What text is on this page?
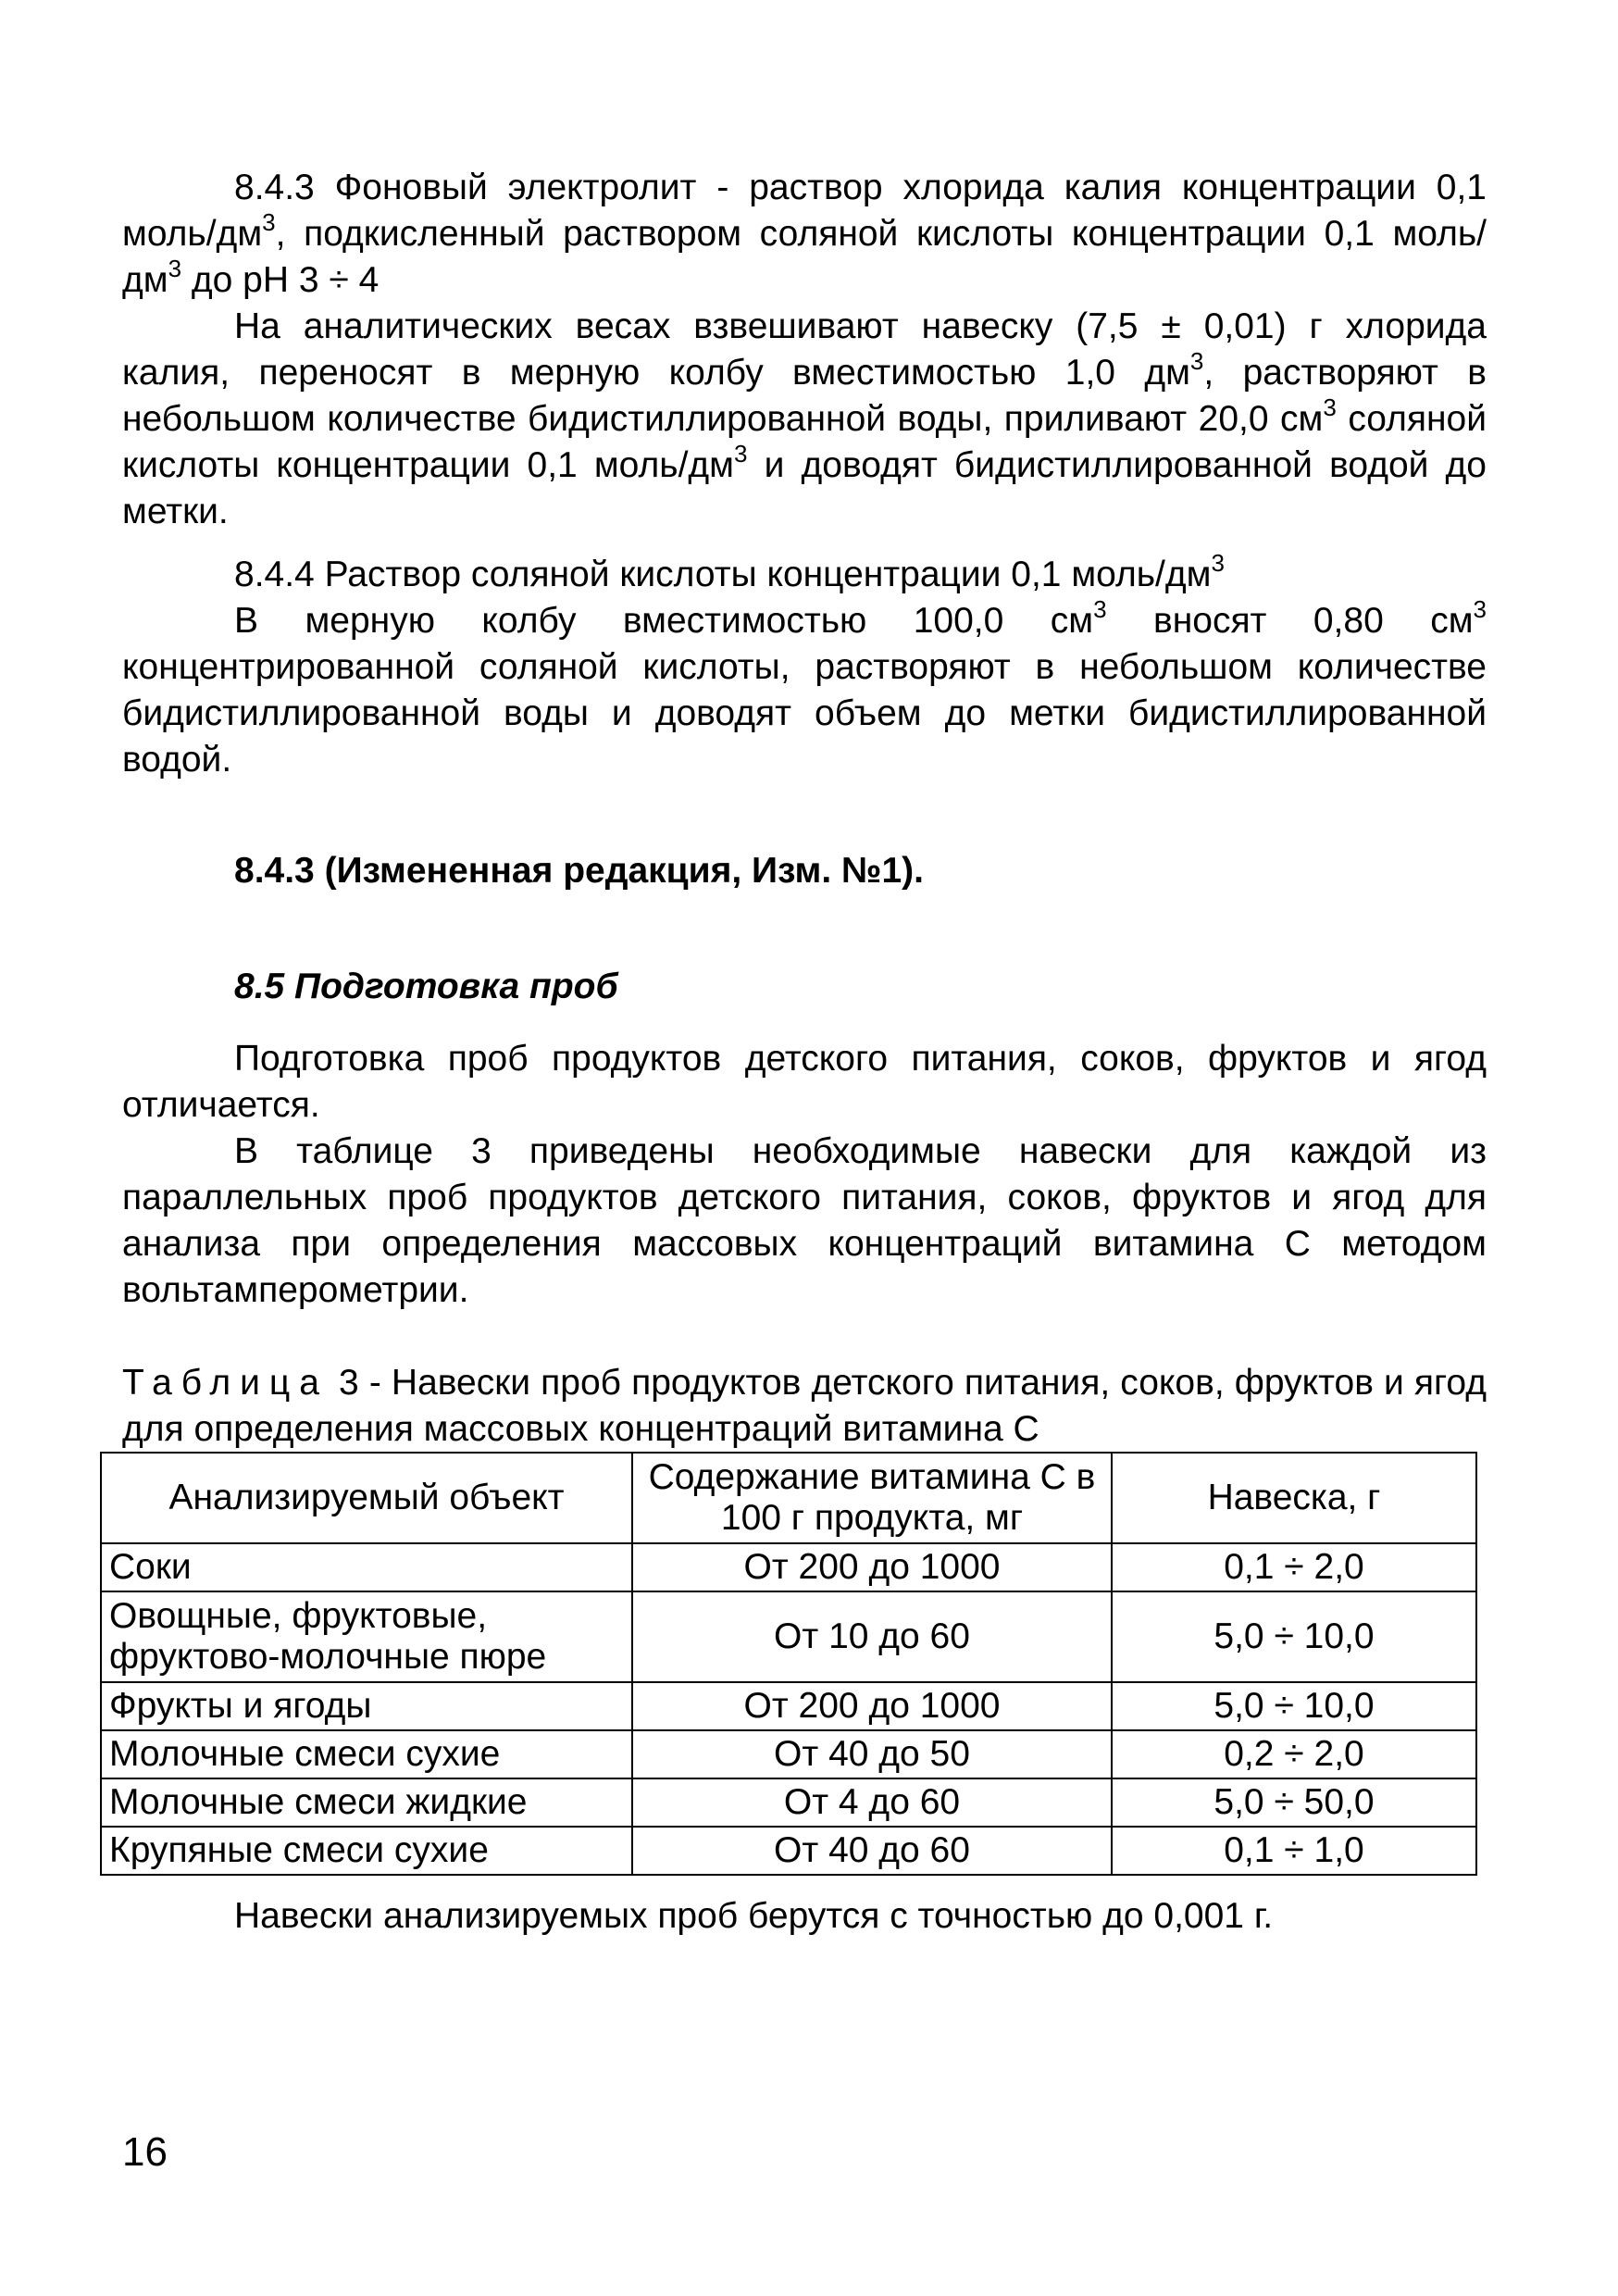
8.4.3 Фоновый электролит - раствор хлорида калия концентрации 0,1 моль/$дм^3$, подкисленный раствором соляной кислоты концентрации 0,1 моль/$дм^3$ до рН 3 ÷ 4

На аналитических весах взвешивают навеску (7,5 ± 0,01) г хлорида калия, переносят в мерную колбу вместимостью 1,0 $дм^3$, растворяют в небольшом количестве бидистиллированной воды, приливают 20,0 $см^3$ соляной кислоты концентрации 0,1 моль/$дм^3$ и доводят бидистиллированной водой до метки.

8.4.4 Раствор соляной кислоты концентрации 0,1 моль/$дм^3$

В мерную колбу вместимостью 100,0 $см^3$ вносят 0,80 $см^3$ концентрированной соляной кислоты, растворяют в небольшом количестве бидистиллированной воды и доводят объем до метки бидистиллированной водой.

8.4.3 (Измененная редакция, Изм. №1).

8.5 Подготовка проб

Подготовка проб продуктов детского питания, соков, фруктов и ягод отличается.

В таблице 3 приведены необходимые навески для каждой из параллельных проб продуктов детского питания, соков, фруктов и ягод для анализа при определения массовых концентраций витамина С методом вольтамперометрии.

Таблица 3 - Навески проб продуктов детского питания, соков, фруктов и ягод для определения массовых концентраций витамина С

Анализируемый объект	Содержание витамина С в 100 г продукта, мг	Навеска, г
Соки	От 200 до 1000	0,1 ÷ 2,0
Овощные, фруктовые, фруктово-молочные пюре	От 10 до 60	5,0 ÷ 10,0
Фрукты и ягоды	От 200 до 1000	5,0 ÷ 10,0
Молочные смеси сухие	От 40 до 50	0,2 ÷ 2,0
Молочные смеси жидкие	От 4 до 60	5,0 ÷ 50,0
Крупяные смеси сухие	От 40 до 60	0,1 ÷ 1,0
Навески анализируемых проб берутся с точностью до 0,001 г.
16
